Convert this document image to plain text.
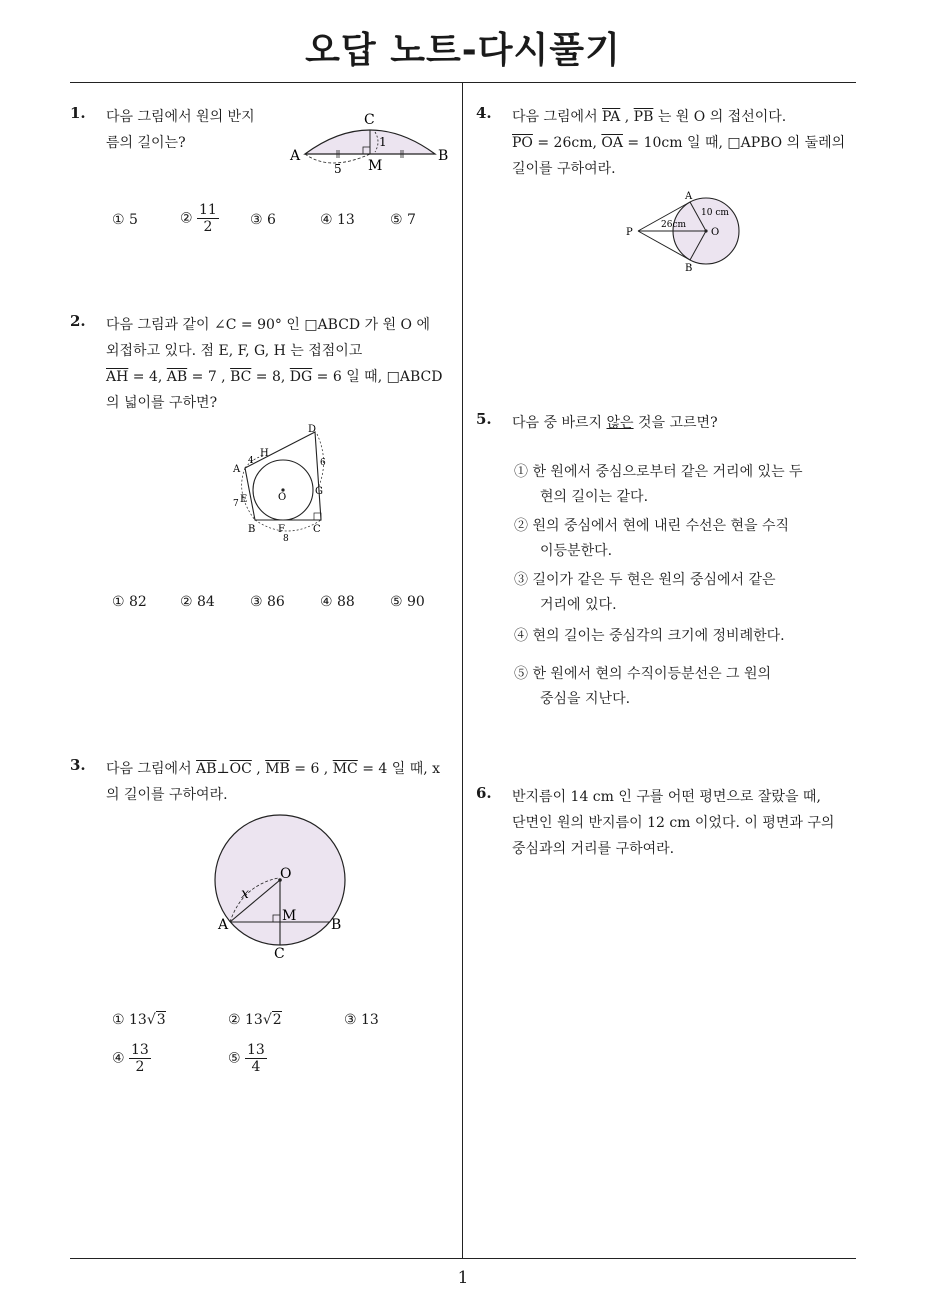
오답 노트-다시풀기
1
1. 다음 그림에서 원의 반지
름의 길이는?
C
A	B
M
1
5
① 5	② $\frac{11}{2}$ ③ 6	④ 13	⑤ 7
2. 다음 그림과 같이 ∠C = 90° 인 □ABCD 가 원 O 에
외접하고 있다. 점 E, F, G, H 는 접점이고
$\overline{AH} = 4$, $\overline{AB} = 7$ , $\overline{BC} = 8$, $\overline{DG} = 6$ 일 때, □ABCD
의 넓이를 구하면?
D
H
A
E	O
G
B F	C
4	6
7
8
① 82 ② 84	③ 86	④ 88	⑤ 90
3. 다음 그림에서 $\overline{AB}\perp\overline{OC}$ , $\overline{MB} = 6$ , $\overline{MC} = 4$ 일 때, x
의 길이를 구하여라.
O
x
A
M
B
C
① 13√3	② 13√2	③ 13
④ $\frac{13}{2}$	⑤ $\frac{13}{4}$
4. 다음 그림에서 $\overline{PA}$ , $\overline{PB}$ 는 원 O 의 접선이다.
$\overline{PO} = 26cm$, $\overline{OA} = 10cm$ 일 때, □APBO 의 둘레의
길이를 구하여라.
A
P	O
B
10 cm
26cm
5. 다음 중 바르지 않은 것을 고르면?
① 한 원에서 중심으로부터 같은 거리에 있는 두
현의 길이는 같다.
② 원의 중심에서 현에 내린 수선은 현을 수직
이등분한다.
③ 길이가 같은 두 현은 원의 중심에서 같은
거리에 있다.
④ 현의 길이는 중심각의 크기에 정비례한다.
⑤ 한 원에서 현의 수직이등분선은 그 원의
중심을 지난다.
6. 반지름이 14 cm 인 구를 어떤 평면으로 잘랐을 때,
단면인 원의 반지름이 12 cm 이었다. 이 평면과 구의
중심과의 거리를 구하여라.
